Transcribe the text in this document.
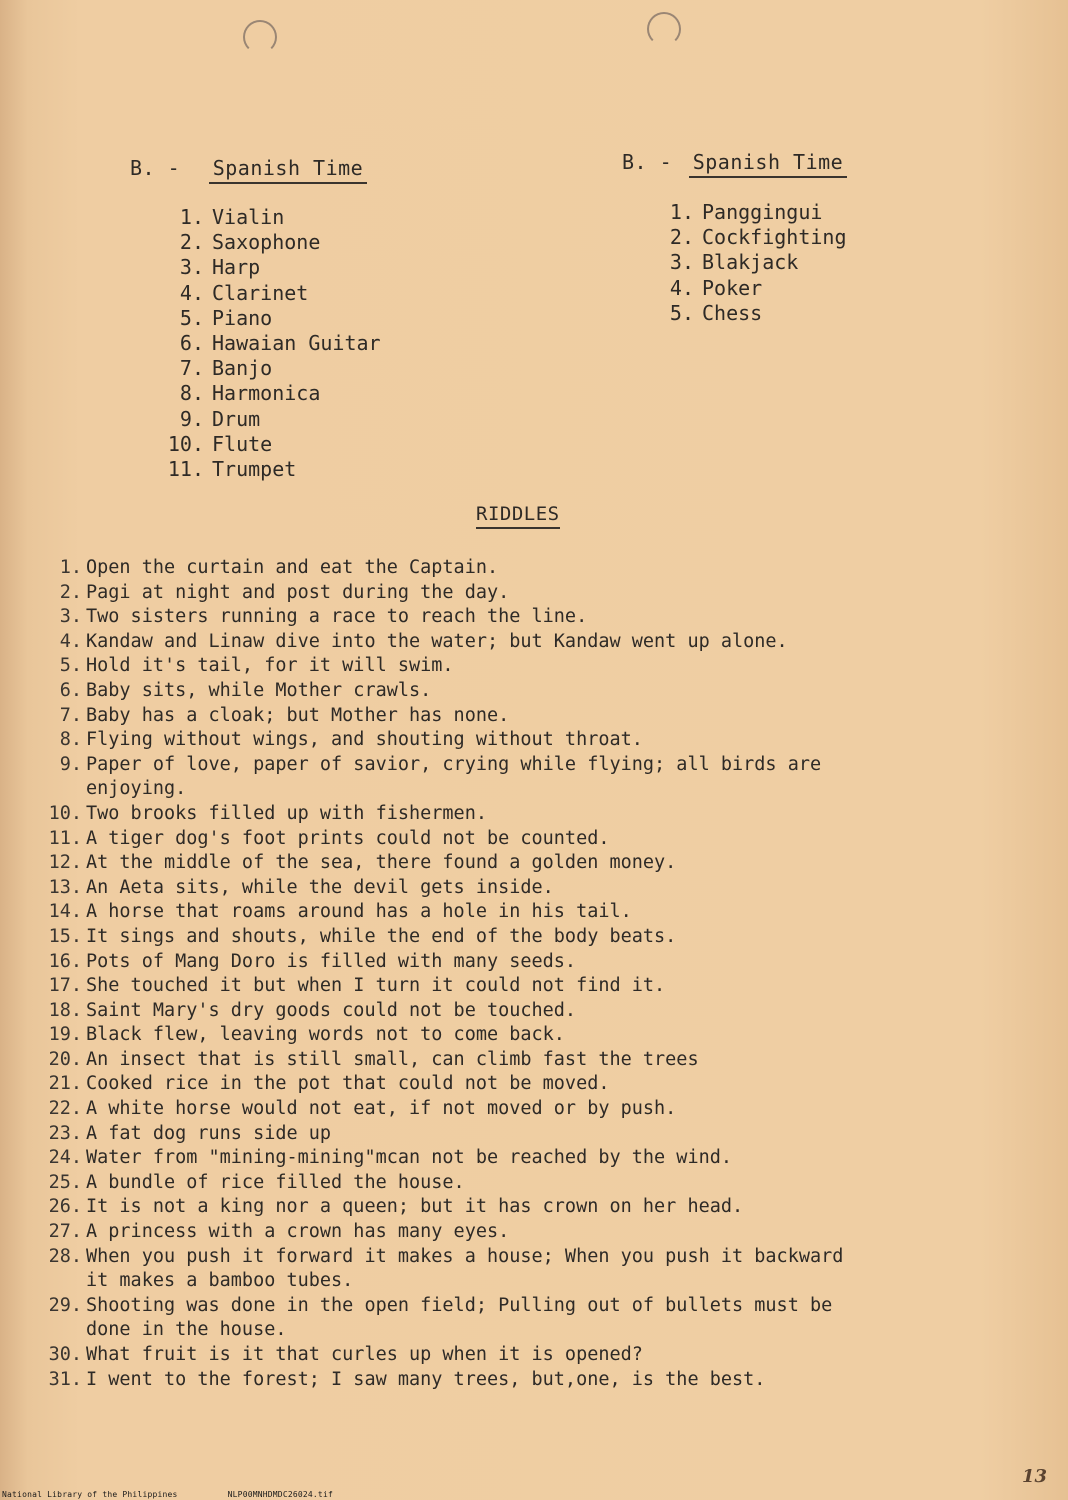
B. - Spanish Time
1. Vialin
2. Saxophone
3. Harp
4. Clarinet
5. Piano
6. Hawaian Guitar
7. Banjo
8. Harmonica
9. Drum
10. Flute
11. Trumpet
B. - Spanish Time
1. Panggingui
2. Cockfighting
3. Blakjack
4. Poker
5. Chess
RIDDLES
1. Open the curtain and eat the Captain.
2. Pagi at night and post during the day.
3. Two sisters running a race to reach the line.
4. Kandaw and Linaw dive into the water; but Kandaw went up alone.
5. Hold it's tail, for it will swim.
6. Baby sits, while Mother crawls.
7. Baby has a cloak; but Mother has none.
8. Flying without wings, and shouting without throat.
9. Paper of love, paper of savior, crying while flying; all birds are
enjoying.
10. Two brooks filled up with fishermen.
11. A tiger dog's foot prints could not be counted.
12. At the middle of the sea, there found a golden money.
13. An Aeta sits, while the devil gets inside.
14. A horse that roams around has a hole in his tail.
15. It sings and shouts, while the end of the body beats.
16. Pots of Mang Doro is filled with many seeds.
17. She touched it but when I turn it could not find it.
18. Saint Mary's dry goods could not be touched.
19. Black flew, leaving words not to come back.
20. An insect that is still small, can climb fast the trees
21. Cooked rice in the pot that could not be moved.
22. A white horse would not eat, if not moved or by push.
23. A fat dog runs side up
24. Water from "mining-mining"mcan not be reached by the wind.
25. A bundle of rice filled the house.
26. It is not a king nor a queen; but it has crown on her head.
27. A princess with a crown has many eyes.
28. When you push it forward it makes a house; When you push it backward
it makes a bamboo tubes.
29. Shooting was done in the open field; Pulling out of bullets must be
done in the house.
30. What fruit is it that curles up when it is opened?
31. I went to the forest; I saw many trees, but,one, is the best.
National Library of the Philippines	NLP00MNHDMDC26024.tif
13
